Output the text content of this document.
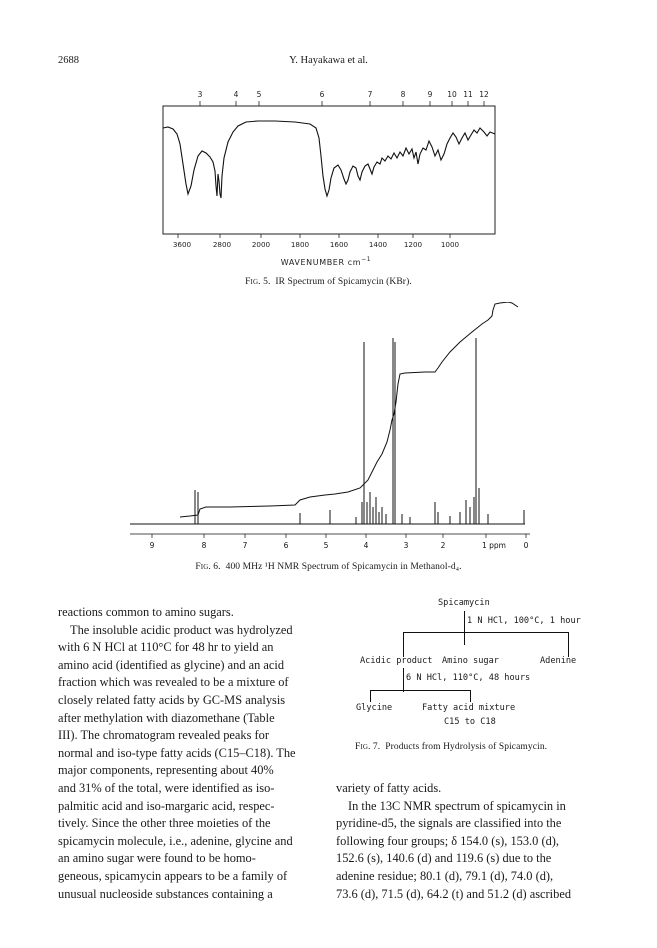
2688	Y. Hayakawa et al.
3	4 5	6	7	8	9 10 11 12
3600	2800	2000	1800	1600	1400 1200	1000
WAVENUMBER $cm^{-1}$
Fig. 5. IR Spectrum of Spicamycin (KBr).
9	8	7	6	5	4	3	2	1 ppm 0
Fig. 6. 400 MHz ¹H NMR Spectrum of Spicamycin in Methanol-d₄.
Spicamycin
1 N HCl, 100°C, 1 hour
Acidic product Amino sugar	Adenine
6 N HCl, 110°C, 48 hours
Glycine	Fatty acid mixture
C15 to C18
Fig. 7. Products from Hydrolysis of Spicamycin.
reactions common to amino sugars.
The insoluble acidic product was hydrolyzed
with 6 N HCl at 110°C for 48 hr to yield an
amino acid (identified as glycine) and an acid
fraction which was revealed to be a mixture of
closely related fatty acids by GC-MS analysis
after methylation with diazomethane (Table
III). The chromatogram revealed peaks for
normal and iso-type fatty acids (C15–C18). The
major components, representing about 40%
and 31% of the total, were identified as iso-
palmitic acid and iso-margaric acid, respec-
tively. Since the other three moieties of the
spicamycin molecule, i.e., adenine, glycine and
an amino sugar were found to be homo-
geneous, spicamycin appears to be a family of
unusual nucleoside substances containing a
variety of fatty acids.
In the 13C NMR spectrum of spicamycin in
pyridine-d5, the signals are classified into the
following four groups; δ 154.0 (s), 153.0 (d),
152.6 (s), 140.6 (d) and 119.6 (s) due to the
adenine residue; 80.1 (d), 79.1 (d), 74.0 (d),
73.6 (d), 71.5 (d), 64.2 (t) and 51.2 (d) ascribed
